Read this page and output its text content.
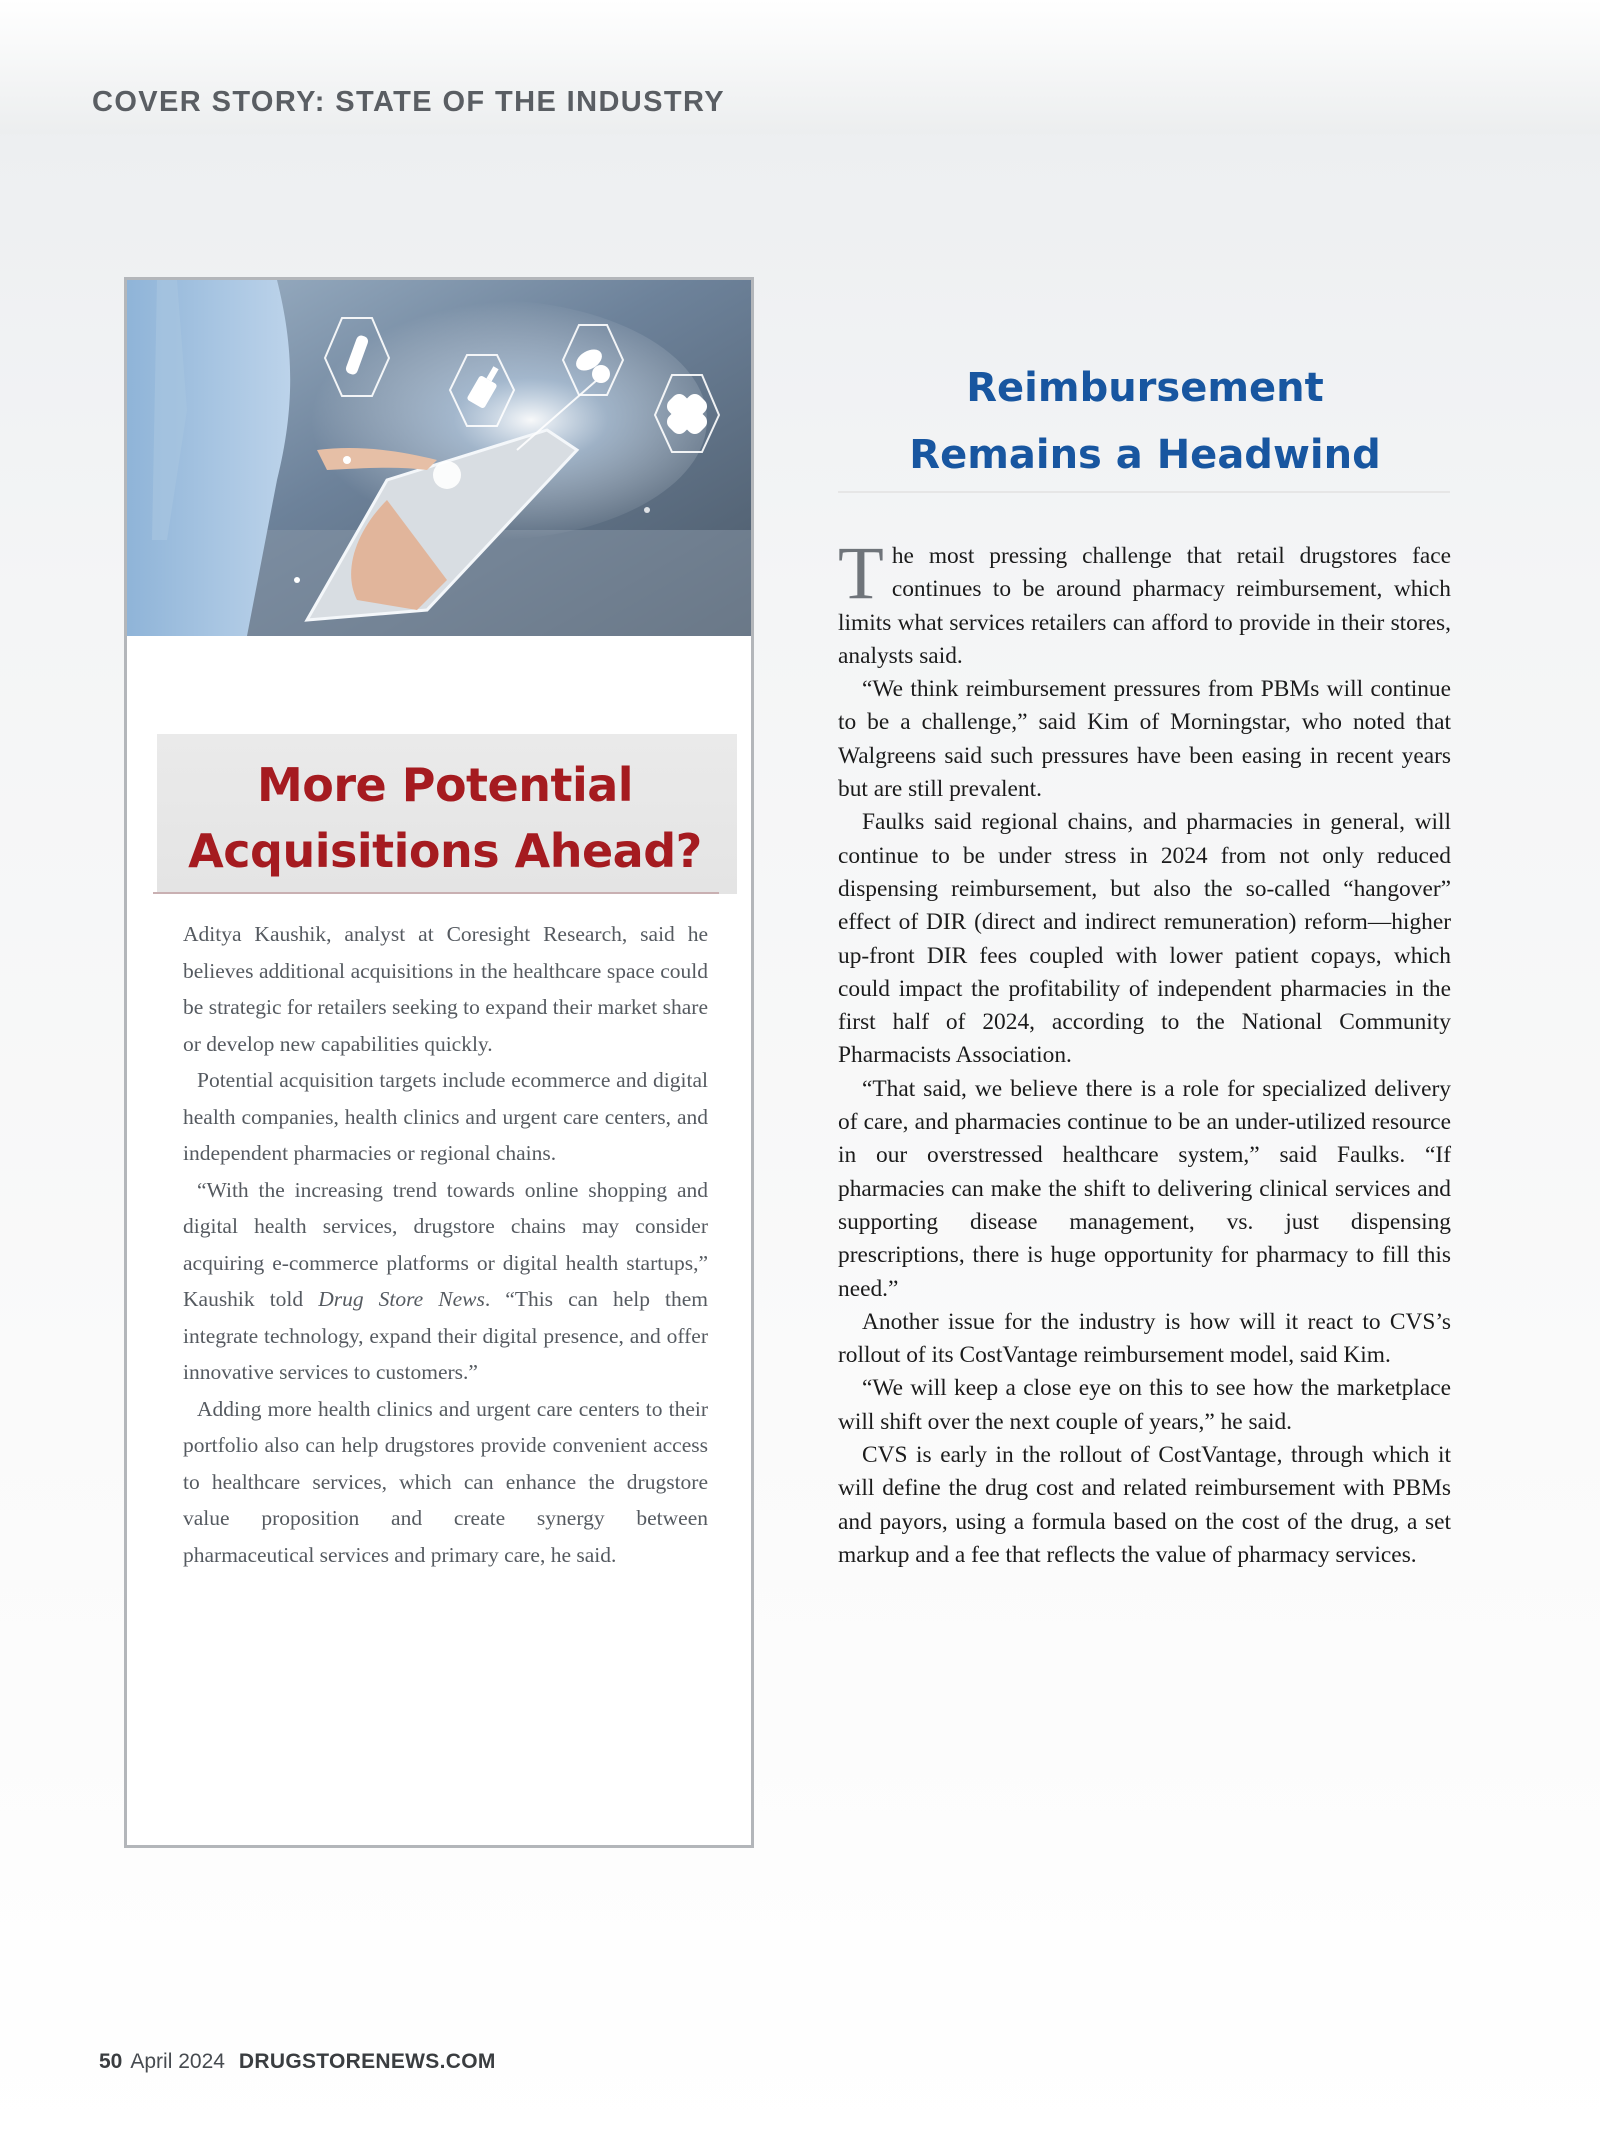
COVER STORY: STATE OF THE INDUSTRY
More Potential
Acquisitions Ahead?

Aditya Kaushik, analyst at Coresight Research, said he believes additional acquisitions in the healthcare space could be strategic for retailers seeking to expand their market share or develop new capabilities quickly.

Potential acquisition targets include ecommerce and digital health companies, health clinics and urgent care centers, and independent pharmacies or regional chains.

“With the increasing trend towards online shopping and digital health services, drugstore chains may consider acquiring e-commerce platforms or digital health startups,” Kaushik told Drug Store News. “This can help them integrate technology, expand their digital presence, and offer innovative services to customers.”

Adding more health clinics and urgent care centers to their portfolio also can help drugstores provide convenient access to healthcare services, which can enhance the drugstore value proposition and create synergy between pharmaceutical services and primary care, he said.

Reimbursement
Remains a Headwind

The most pressing challenge that retail drugstores face continues to be around pharmacy reimbursement, which limits what services retailers can afford to provide in their stores, analysts said.

“We think reimbursement pressures from PBMs will continue to be a challenge,” said Kim of Morningstar, who noted that Walgreens said such pressures have been easing in recent years but are still prevalent.

Faulks said regional chains, and pharmacies in general, will continue to be under stress in 2024 from not only reduced dispensing reimbursement, but also the so-called “hangover” effect of DIR (direct and indirect remuneration) reform—higher up-front DIR fees coupled with lower patient copays, which could impact the profitability of independent pharmacies in the first half of 2024, according to the National Community Pharmacists Association.

“That said, we believe there is a role for specialized delivery of care, and pharmacies continue to be an under-utilized resource in our overstressed healthcare system,” said Faulks. “If pharmacies can make the shift to delivering clinical services and supporting disease management, vs. just dispensing prescriptions, there is huge opportunity for pharmacy to fill this need.”

Another issue for the industry is how will it react to CVS’s rollout of its CostVantage reimbursement model, said Kim.

“We will keep a close eye on this to see how the marketplace will shift over the next couple of years,” he said.

CVS is early in the rollout of CostVantage, through which it will define the drug cost and related reimbursement with PBMs and payors, using a formula based on the cost of the drug, a set markup and a fee that reflects the value of pharmacy services.

50 April 2024 DRUGSTORENEWS.COM
